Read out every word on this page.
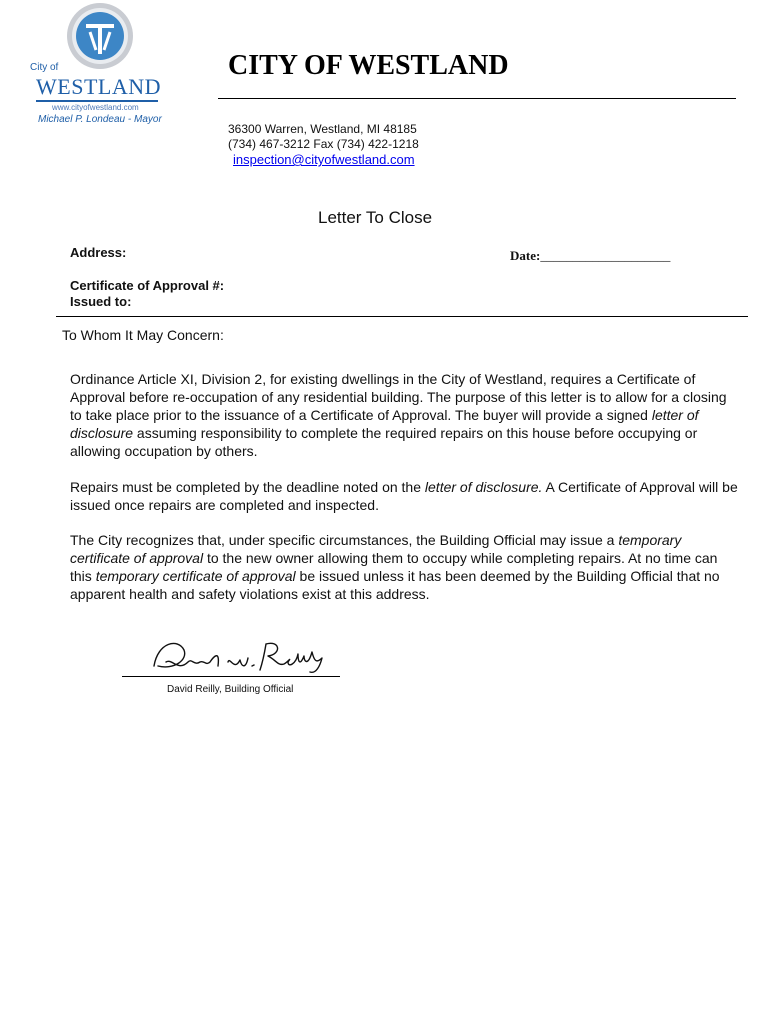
City of
WESTLAND
www.cityofwestland.com
Michael P. Londeau - Mayor
CITY OF WESTLAND
36300 Warren, Westland, MI 48185
(734) 467-3212 Fax (734) 422-1218
inspection@cityofwestland.com
Letter To Close
Address:	Date:____________________
Certificate of Approval #:
Issued to:
To Whom It May Concern:
Ordinance Article XI, Division 2, for existing dwellings in the City of Westland, requires a Certificate of Approval before re-occupation of any residential building. The purpose of this letter is to allow for a closing to take place prior to the issuance of a Certificate of Approval. The buyer will provide a signed letter of disclosure assuming responsibility to complete the required repairs on this house before occupying or allowing occupation by others.
Repairs must be completed by the deadline noted on the letter of disclosure. A Certificate of Approval will be issued once repairs are completed and inspected.
The City recognizes that, under specific circumstances, the Building Official may issue a temporary certificate of approval to the new owner allowing them to occupy while completing repairs. At no time can this temporary certificate of approval be issued unless it has been deemed by the Building Official that no apparent health and safety violations exist at this address.
David Reilly, Building Official
